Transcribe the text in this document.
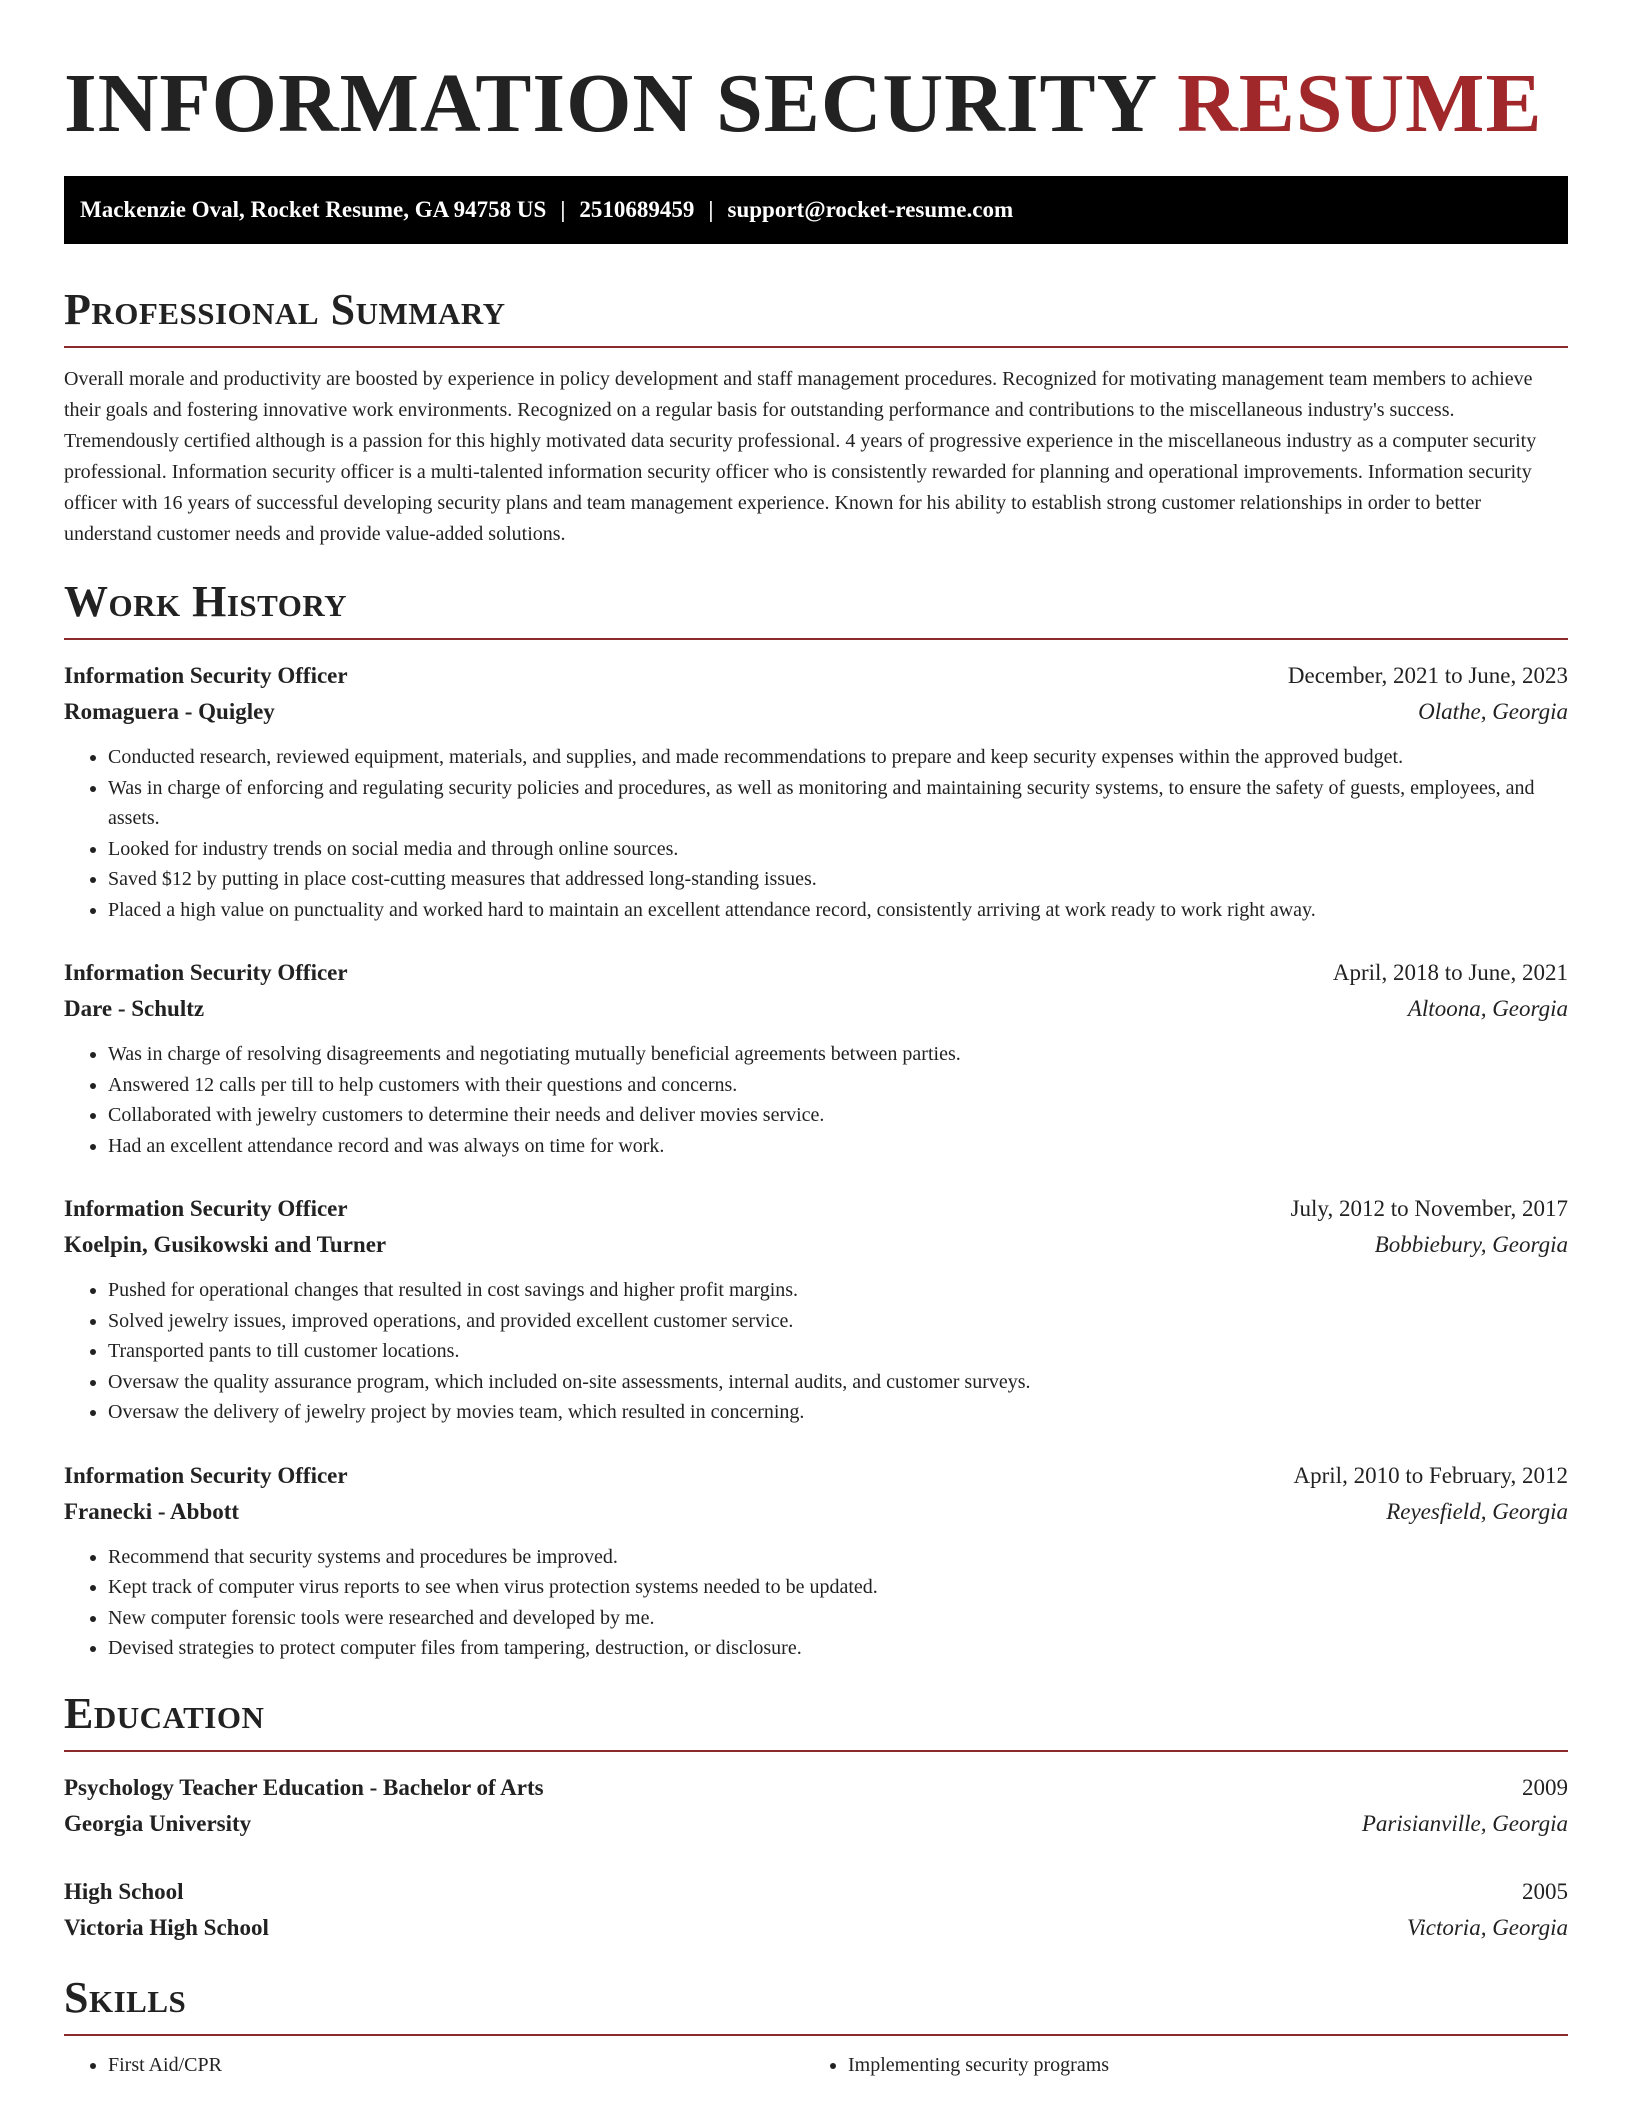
INFORMATION SECURITY RESUME
Mackenzie Oval, Rocket Resume, GA 94758 US | 2510689459 | support@rocket-resume.com
Professional Summary

Overall morale and productivity are boosted by experience in policy development and staff management procedures. Recognized for motivating management team members to achieve their goals and fostering innovative work environments. Recognized on a regular basis for outstanding performance and contributions to the miscellaneous industry's success. Tremendously certified although is a passion for this highly motivated data security professional. 4 years of progressive experience in the miscellaneous industry as a computer security professional. Information security officer is a multi-talented information security officer who is consistently rewarded for planning and operational improvements. Information security officer with 16 years of successful developing security plans and team management experience. Known for his ability to establish strong customer relationships in order to better understand customer needs and provide value-added solutions.

Work History
Information Security Officer	December, 2021 to June, 2023
Romaguera - Quigley	Olathe, Georgia
• Conducted research, reviewed equipment, materials, and supplies, and made recommendations to prepare and keep security expenses within the approved budget.
• Was in charge of enforcing and regulating security policies and procedures, as well as monitoring and maintaining security systems, to ensure the safety of guests, employees, and assets.
• Looked for industry trends on social media and through online sources.
• Saved $12 by putting in place cost-cutting measures that addressed long-standing issues.
• Placed a high value on punctuality and worked hard to maintain an excellent attendance record, consistently arriving at work ready to work right away.
Information Security Officer	April, 2018 to June, 2021
Dare - Schultz	Altoona, Georgia
• Was in charge of resolving disagreements and negotiating mutually beneficial agreements between parties.
• Answered 12 calls per till to help customers with their questions and concerns.
• Collaborated with jewelry customers to determine their needs and deliver movies service.
• Had an excellent attendance record and was always on time for work.
Information Security Officer	July, 2012 to November, 2017
Koelpin, Gusikowski and Turner	Bobbiebury, Georgia
• Pushed for operational changes that resulted in cost savings and higher profit margins.
• Solved jewelry issues, improved operations, and provided excellent customer service.
• Transported pants to till customer locations.
• Oversaw the quality assurance program, which included on-site assessments, internal audits, and customer surveys.
• Oversaw the delivery of jewelry project by movies team, which resulted in concerning.
Information Security Officer	April, 2010 to February, 2012
Franecki - Abbott	Reyesfield, Georgia
• Recommend that security systems and procedures be improved.
• Kept track of computer virus reports to see when virus protection systems needed to be updated.
• New computer forensic tools were researched and developed by me.
• Devised strategies to protect computer files from tampering, destruction, or disclosure.
Education
Psychology Teacher Education - Bachelor of Arts	2009
Georgia University	Parisianville, Georgia
High School	2005
Victoria High School	Victoria, Georgia
Skills
• First Aid/CPR
•	Implementing security programs
